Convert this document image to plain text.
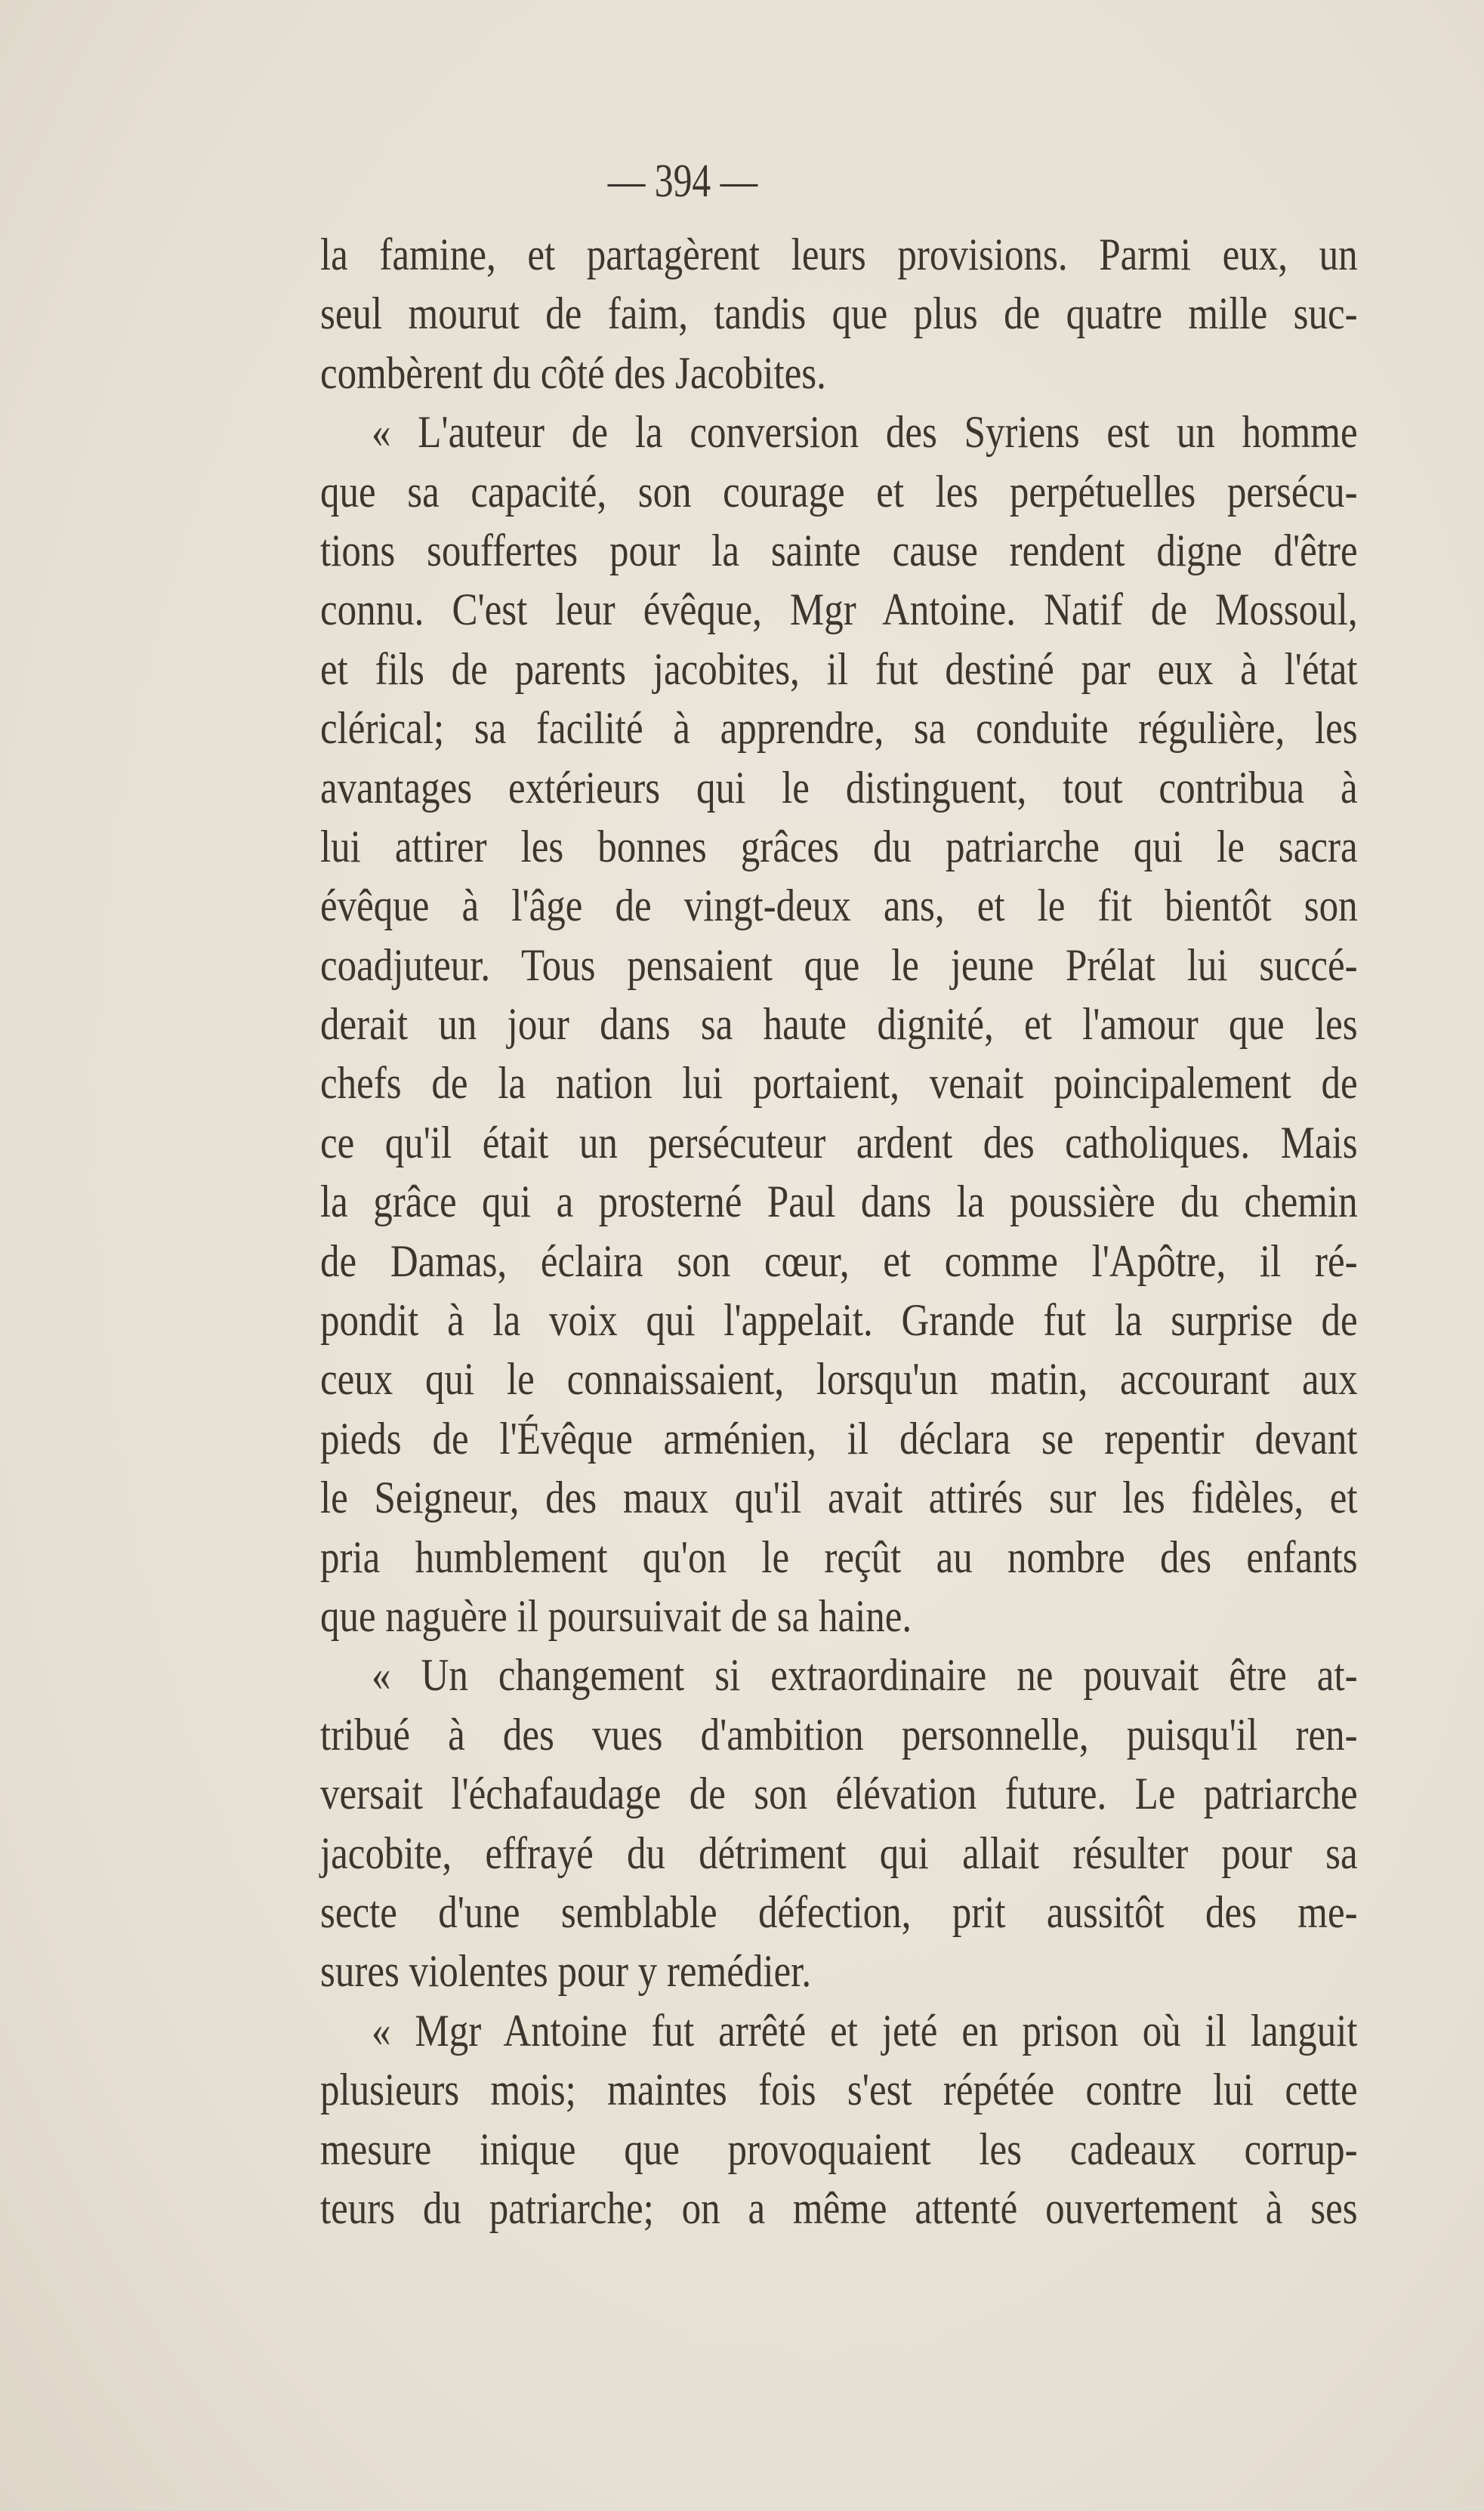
— 394 —
la famine, et partagèrent leurs provisions. Parmi eux, un
seul mourut de faim, tandis que plus de quatre mille suc-
combèrent du côté des Jacobites.
« L'auteur de la conversion des Syriens est un homme
que sa capacité, son courage et les perpétuelles persécu-
tions souffertes pour la sainte cause rendent digne d'être
connu. C'est leur évêque, Mgr Antoine. Natif de Mossoul,
et fils de parents jacobites, il fut destiné par eux à l'état
clérical; sa facilité à apprendre, sa conduite régulière, les
avantages extérieurs qui le distinguent, tout contribua à
lui attirer les bonnes grâces du patriarche qui le sacra
évêque à l'âge de vingt-deux ans, et le fit bientôt son
coadjuteur. Tous pensaient que le jeune Prélat lui succé-
derait un jour dans sa haute dignité, et l'amour que les
chefs de la nation lui portaient, venait poincipalement de
ce qu'il était un persécuteur ardent des catholiques. Mais
la grâce qui a prosterné Paul dans la poussière du chemin
de Damas, éclaira son cœur, et comme l'Apôtre, il ré-
pondit à la voix qui l'appelait. Grande fut la surprise de
ceux qui le connaissaient, lorsqu'un matin, accourant aux
pieds de l'Évêque arménien, il déclara se repentir devant
le Seigneur, des maux qu'il avait attirés sur les fidèles, et
pria humblement qu'on le reçût au nombre des enfants
que naguère il poursuivait de sa haine.
« Un changement si extraordinaire ne pouvait être at-
tribué à des vues d'ambition personnelle, puisqu'il ren-
versait l'échafaudage de son élévation future. Le patriarche
jacobite, effrayé du détriment qui allait résulter pour sa
secte d'une semblable défection, prit aussitôt des me-
sures violentes pour y remédier.
« Mgr Antoine fut arrêté et jeté en prison où il languit
plusieurs mois; maintes fois s'est répétée contre lui cette
mesure inique que provoquaient les cadeaux corrup-
teurs du patriarche; on a même attenté ouvertement à ses
